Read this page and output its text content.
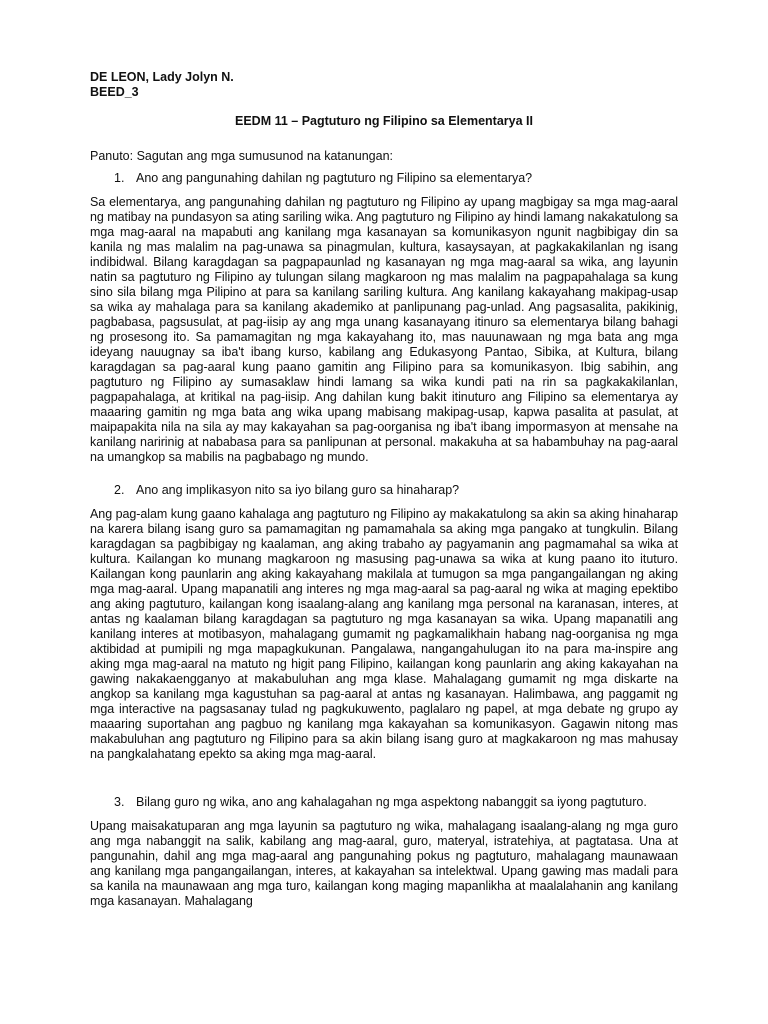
DE LEON, Lady Jolyn N.

BEED_3

EEDM 11 – Pagtuturo ng Filipino sa Elementarya II

Panuto: Sagutan ang mga sumusunod na katanungan:

1. Ano ang pangunahing dahilan ng pagtuturo ng Filipino sa elementarya?

Sa elementarya, ang pangunahing dahilan ng pagtuturo ng Filipino ay upang magbigay sa mga mag-aaral ng matibay na pundasyon sa ating sariling wika. Ang pagtuturo ng Filipino ay hindi lamang nakakatulong sa mga mag-aaral na mapabuti ang kanilang mga kasanayan sa komunikasyon ngunit nagbibigay din sa kanila ng mas malalim na pag-unawa sa pinagmulan, kultura, kasaysayan, at pagkakakilanlan ng isang indibidwal. Bilang karagdagan sa pagpapaunlad ng kasanayan ng mga mag-aaral sa wika, ang layunin natin sa pagtuturo ng Filipino ay tulungan silang magkaroon ng mas malalim na pagpapahalaga sa kung sino sila bilang mga Pilipino at para sa kanilang sariling kultura. Ang kanilang kakayahang makipag-usap sa wika ay mahalaga para sa kanilang akademiko at panlipunang pag-unlad. Ang pagsasalita, pakikinig, pagbabasa, pagsusulat, at pag-iisip ay ang mga unang kasanayang itinuro sa elementarya bilang bahagi ng prosesong ito. Sa pamamagitan ng mga kakayahang ito, mas nauunawaan ng mga bata ang mga ideyang nauugnay sa iba't ibang kurso, kabilang ang Edukasyong Pantao, Sibika, at Kultura, bilang karagdagan sa pag-aaral kung paano gamitin ang Filipino para sa komunikasyon. Ibig sabihin, ang pagtuturo ng Filipino ay sumasaklaw hindi lamang sa wika kundi pati na rin sa pagkakakilanlan, pagpapahalaga, at kritikal na pag-iisip. Ang dahilan kung bakit itinuturo ang Filipino sa elementarya ay maaaring gamitin ng mga bata ang wika upang mabisang makipag-usap, kapwa pasalita at pasulat, at maipapakita nila na sila ay may kakayahan sa pag-oorganisa ng iba't ibang impormasyon at mensahe na kanilang naririnig at nababasa para sa panlipunan at personal. makakuha at sa habambuhay na pag-aaral na umangkop sa mabilis na pagbabago ng mundo.

2. Ano ang implikasyon nito sa iyo bilang guro sa hinaharap?

Ang pag-alam kung gaano kahalaga ang pagtuturo ng Filipino ay makakatulong sa akin sa aking hinaharap na karera bilang isang guro sa pamamagitan ng pamamahala sa aking mga pangako at tungkulin. Bilang karagdagan sa pagbibigay ng kaalaman, ang aking trabaho ay pagyamanin ang pagmamahal sa wika at kultura. Kailangan ko munang magkaroon ng masusing pag-unawa sa wika at kung paano ito ituturo. Kailangan kong paunlarin ang aking kakayahang makilala at tumugon sa mga pangangailangan ng aking mga mag-aaral. Upang mapanatili ang interes ng mga mag-aaral sa pag-aaral ng wika at maging epektibo ang aking pagtuturo, kailangan kong isaalang-alang ang kanilang mga personal na karanasan, interes, at antas ng kaalaman bilang karagdagan sa pagtuturo ng mga kasanayan sa wika. Upang mapanatili ang kanilang interes at motibasyon, mahalagang gumamit ng pagkamalikhain habang nag-oorganisa ng mga aktibidad at pumipili ng mga mapagkukunan. Pangalawa, nangangahulugan ito na para ma-inspire ang aking mga mag-aaral na matuto ng higit pang Filipino, kailangan kong paunlarin ang aking kakayahan na gawing nakakaengganyo at makabuluhan ang mga klase. Mahalagang gumamit ng mga diskarte na angkop sa kanilang mga kagustuhan sa pag-aaral at antas ng kasanayan. Halimbawa, ang paggamit ng mga interactive na pagsasanay tulad ng pagkukuwento, paglalaro ng papel, at mga debate ng grupo ay maaaring suportahan ang pagbuo ng kanilang mga kakayahan sa komunikasyon. Gagawin nitong mas makabuluhan ang pagtuturo ng Filipino para sa akin bilang isang guro at magkakaroon ng mas mahusay na pangkalahatang epekto sa aking mga mag-aaral.

3. Bilang guro ng wika, ano ang kahalagahan ng mga aspektong nabanggit sa iyong pagtuturo.

Upang maisakatuparan ang mga layunin sa pagtuturo ng wika, mahalagang isaalang-alang ng mga guro ang mga nabanggit na salik, kabilang ang mag-aaral, guro, materyal, istratehiya, at pagtatasa. Una at pangunahin, dahil ang mga mag-aaral ang pangunahing pokus ng pagtuturo, mahalagang maunawaan ang kanilang mga pangangailangan, interes, at kakayahan sa intelektwal. Upang gawing mas madali para sa kanila na maunawaan ang mga turo, kailangan kong maging mapanlikha at maalalahanin ang kanilang mga kasanayan. Mahalagang
